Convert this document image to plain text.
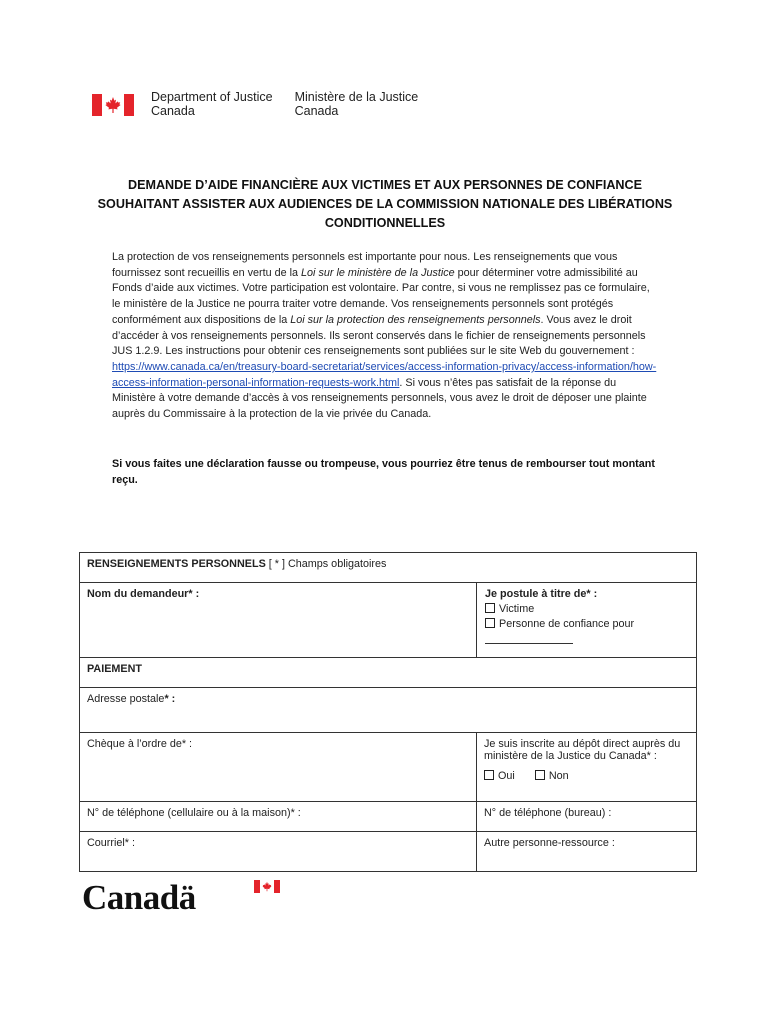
Department of Justice
Canada
Ministère de la Justice
Canada
DEMANDE D’AIDE FINANCIÈRE AUX VICTIMES ET AUX PERSONNES DE CONFIANCE
SOUHAITANT ASSISTER AUX AUDIENCES DE LA COMMISSION NATIONALE DES LIBÉRATIONS
CONDITIONNELLES
La protection de vos renseignements personnels est importante pour nous. Les renseignements que vous fournissez sont recueillis en vertu de la Loi sur le ministère de la Justice pour déterminer votre admissibilité au Fonds d’aide aux victimes. Votre participation est volontaire. Par contre, si vous ne remplissez pas ce formulaire, le ministère de la Justice ne pourra traiter votre demande. Vos renseignements personnels sont protégés conformément aux dispositions de la Loi sur la protection des renseignements personnels. Vous avez le droit d’accéder à vos renseignements personnels. Ils seront conservés dans le fichier de renseignements personnels JUS 1.2.9. Les instructions pour obtenir ces renseignements sont publiées sur le site Web du gouvernement : https://www.canada.ca/en/treasury-board-secretariat/services/access-information-privacy/access-information/how-access-information-personal-information-requests-work.html. Si vous n’êtes pas satisfait de la réponse du Ministère à votre demande d’accès à vos renseignements personnels, vous avez le droit de déposer une plainte auprès du Commissaire à la protection de la vie privée du Canada.
Si vous faites une déclaration fausse ou trompeuse, vous pourriez être tenus de rembourser tout montant reçu.
RENSEIGNEMENTS PERSONNELS [ * ] Champs obligatoires	
Nom du demandeur* :	Je postule à titre de* :
Victime
Personne de confiance pour

PAIEMENT	
Adresse postale* :	
Chèque à l’ordre de* :	Je suis inscrite au dépôt direct auprès du ministère de la Justice du Canada* :
Oui Non

N° de téléphone (cellulaire ou à la maison)* :	N° de téléphone (bureau) :
Courriel* :	Autre personne-ressource :
Canadä
